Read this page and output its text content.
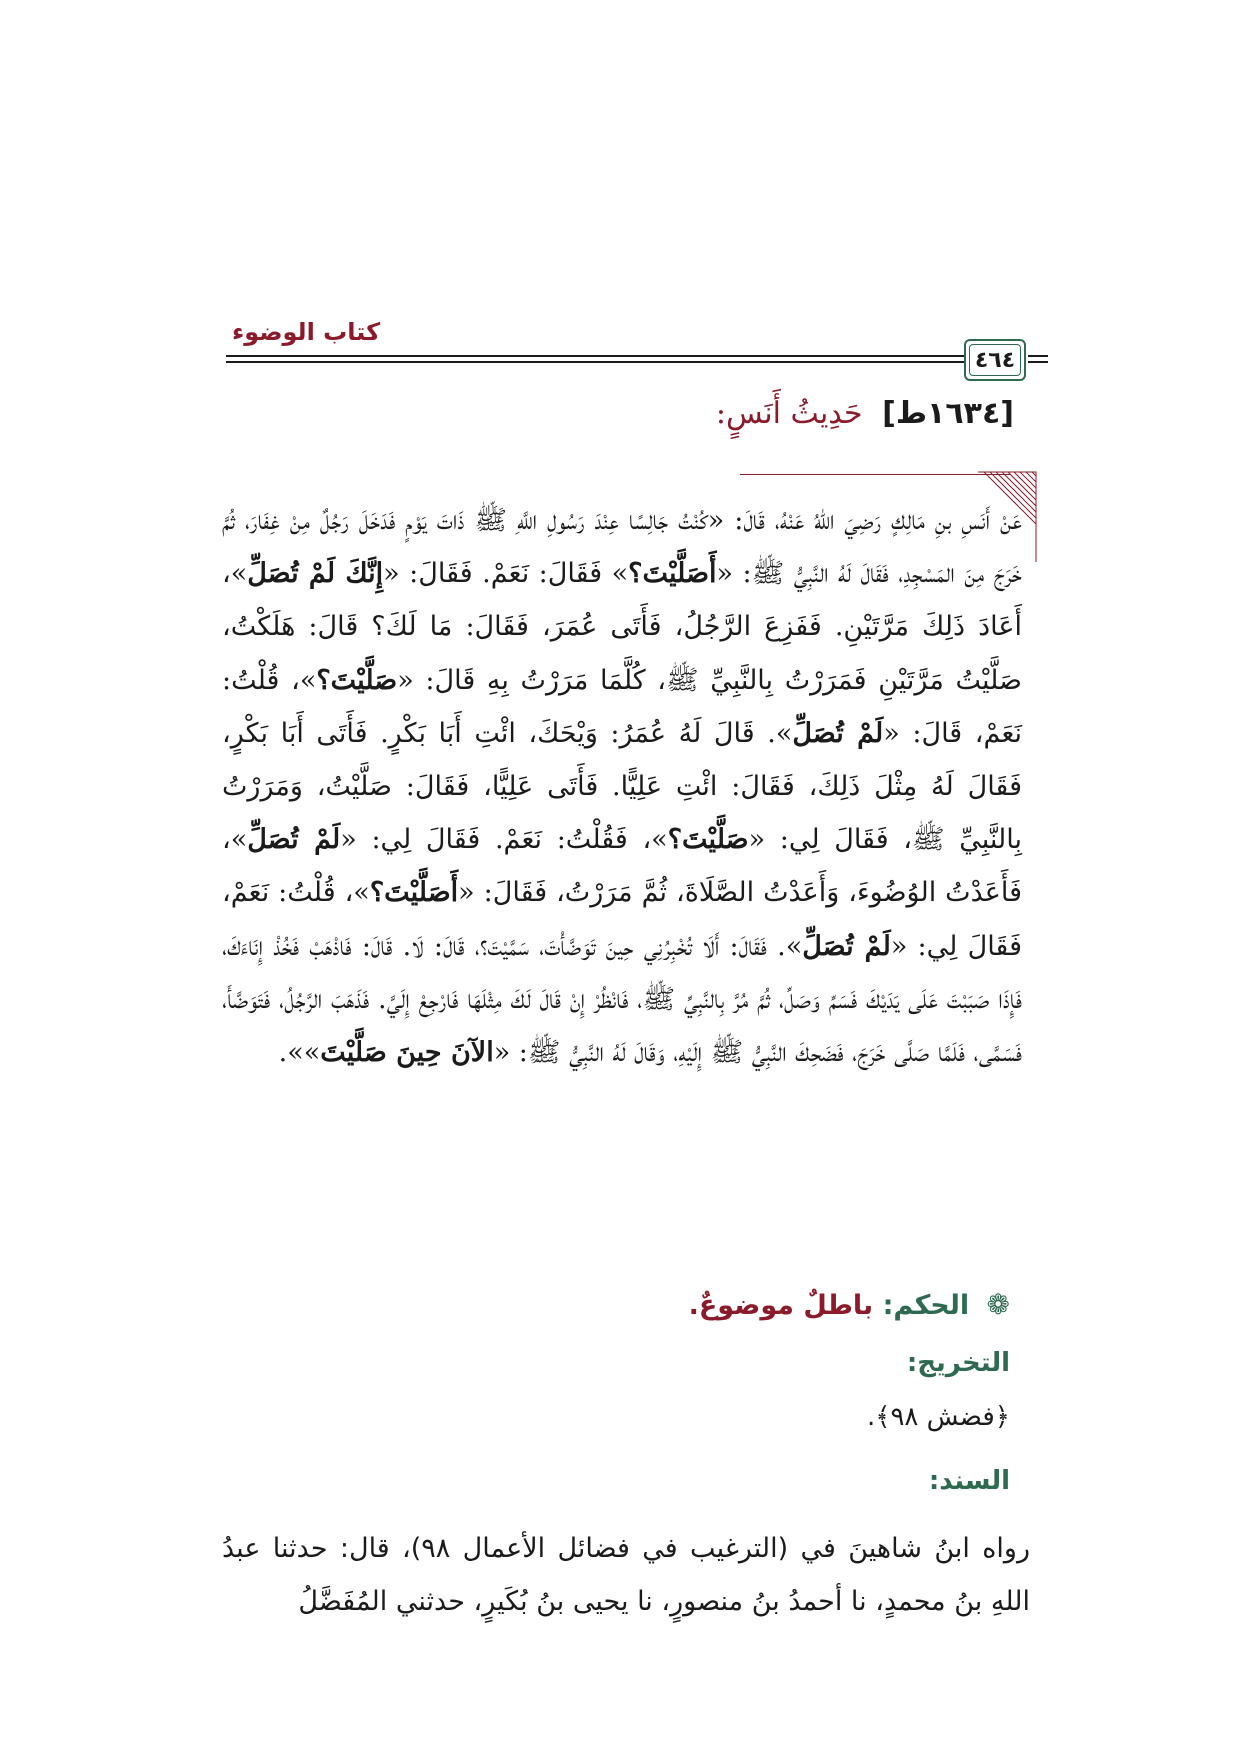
كتاب الوضوء
٤٦٤
[١٦٣٤ط] حَدِيثُ أَنَسٍ:
عَنْ أَنَسِ بنِ مَالِكٍ رَضِيَ اللهُ عَنْهُ، قَالَ: «كُنْتُ جَالِسًا عِنْدَ رَسُولِ اللَّهِ ﷺ ذَاتَ يَوْمٍ فَدَخَلَ رَجُلٌ مِنْ غِفَارَ، ثُمَّ خَرَجَ مِنَ المَسْجِدِ، فَقَالَ لَهُ النَّبِيُّ ﷺ: «أَصَلَّيْتَ؟» فَقَالَ: نَعَمْ. فَقَالَ: «إِنَّكَ لَمْ تُصَلِّ»، أَعَادَ ذَلِكَ مَرَّتَيْنِ. فَفَزِعَ الرَّجُلُ، فَأَتَى عُمَرَ، فَقَالَ: مَا لَكَ؟ قَالَ: هَلَكْتُ، صَلَّيْتُ مَرَّتَيْنِ فَمَرَرْتُ بِالنَّبِيِّ ﷺ، كُلَّمَا مَرَرْتُ بِهِ قَالَ: «صَلَّيْتَ؟»، قُلْتُ: نَعَمْ، قَالَ: «لَمْ تُصَلِّ». قَالَ لَهُ عُمَرُ: وَيْحَكَ، ائْتِ أَبَا بَكْرٍ. فَأَتَى أَبَا بَكْرٍ، فَقَالَ لَهُ مِثْلَ ذَلِكَ، فَقَالَ: ائْتِ عَلِيًّا. فَأَتَى عَلِيًّا، فَقَالَ: صَلَّيْتُ، وَمَرَرْتُ بِالنَّبِيِّ ﷺ، فَقَالَ لِي: «صَلَّيْتَ؟»، فَقُلْتُ: نَعَمْ. فَقَالَ لِي: «لَمْ تُصَلِّ»، فَأَعَدْتُ الوُضُوءَ، وَأَعَدْتُ الصَّلَاةَ، ثُمَّ مَرَرْتُ، فَقَالَ: «أَصَلَّيْتَ؟»، قُلْتُ: نَعَمْ، فَقَالَ لِي: «لَمْ تُصَلِّ». فَقَالَ: أَلَا تُخْبِرُنِي حِينَ تَوَضَّأْتَ، سَمَّيْتَ؟، قَالَ: لَا. قَالَ: فَاذْهَبْ فَخُذْ إِنَاءَكَ، فَإِذَا صَبَبْتَ عَلَى يَدَيْكَ فَسَمِّ وَصَلِّ، ثُمَّ مُرَّ بِالنَّبِيِّ ﷺ، فَانْظُرْ إِنْ قَالَ لَكَ مِثْلَهَا فَارْجِعْ إِلَيَّ. فَذَهَبَ الرَّجُلُ، فَتَوَضَّأَ، فَسَمَّى، فَلَمَّا صَلَّى خَرَجَ، فَضَحِكَ النَّبِيُّ ﷺ إِلَيْهِ، وَقَالَ لَهُ النَّبِيُّ ﷺ: «الآنَ حِينَ صَلَّيْتَ»».
❁ الحكم: باطلٌ موضوعٌ.
التخريج:
﴿فضش ٩٨﴾.
السند:
رواه ابنُ شاهينَ في (الترغيب في فضائل الأعمال ٩٨)، قال: حدثنا عبدُ اللهِ بنُ محمدٍ، نا أحمدُ بنُ منصورٍ، نا يحيى بنُ بُكَيرٍ، حدثني المُفَضَّلُ
